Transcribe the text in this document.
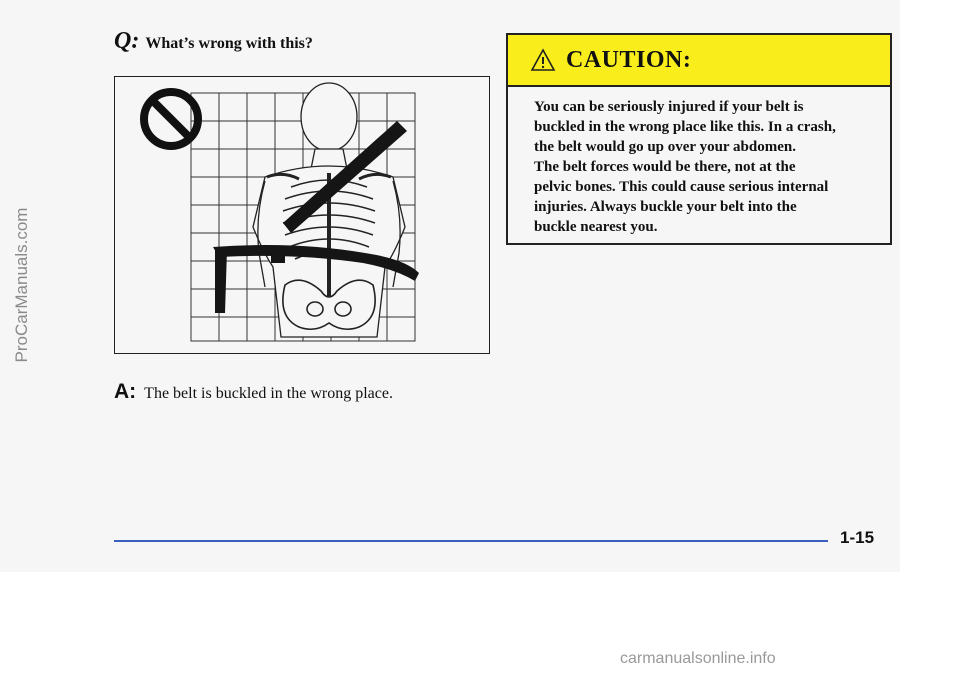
Q: What’s wrong with this?
A: The belt is buckled in the wrong place.
CAUTION:
You can be seriously injured if your belt is
buckled in the wrong place like this. In a crash,
the belt would go up over your abdomen.
The belt forces would be there, not at the
pelvic bones. This could cause serious internal
injuries. Always buckle your belt into the
buckle nearest you.
1-15
ProCarManuals.com
carmanualsonline.info
